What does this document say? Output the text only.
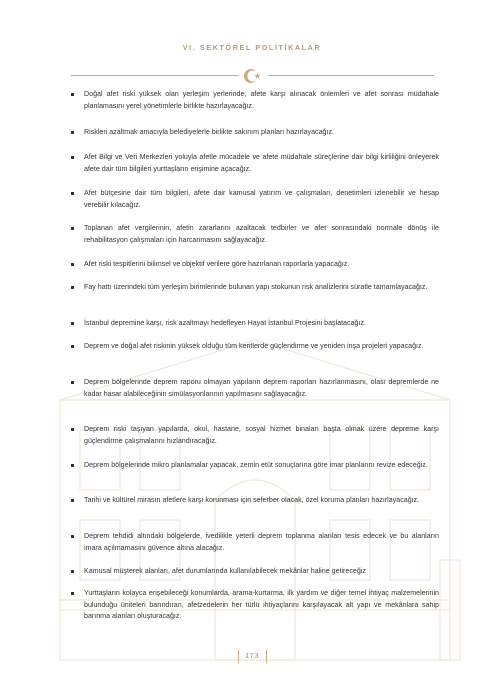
VI. SEKTÖREL POLİTİKALAR
Doğal afet riski yüksek olan yerleşim yerlerinde, afete karşı alınacak önlemleri ve afet sonrası müdahale planlamasını yerel yönetimlerle birlikte hazırlayacağız.
Riskleri azaltmak amacıyla belediyelerle birlikte sakınım planları hazırlayacağız.
Afet Bilgi ve Veri Merkezleri yoluyla afetle mücadele ve afete müdahale süreçlerine dair bilgi kirliliğini önleyerek afete dair tüm bilgileri yurttaşların erişimine açacağız.
Afet bütçesine dair tüm bilgileri, afete dair kamusal yatırım ve çalışmaları, denetimleri izlenebilir ve hesap verebilir kılacağız.
Toplanan afet vergilerinin, afetin zararlarını azaltacak tedbirler ve afet sonrasındaki normale dönüş ile rehabilitasyon çalışmaları için harcanmasını sağlayacağız.
Afet riski tespitlerini bilimsel ve objektif verilere göre hazırlanan raporlarla yapacağız.
Fay hattı üzerindeki tüm yerleşim birimlerinde bulunan yapı stokunun risk analizlerini süratle tamamlayacağız.
İstanbul depremine karşı, risk azaltmayı hedefleyen Hayat İstanbul Projesini başlatacağız.
Deprem ve doğal afet riskinin yüksek olduğu tüm kentlerde güçlendirme ve yeniden inşa projeleri yapacağız.
Deprem bölgelerinde deprem raporu olmayan yapıların deprem raporları hazırlanmasını, olası depremlerde ne kadar hasar alabileceğinin simülasyonlarının yapılmasını sağlayacağız.
Deprem riski taşıyan yapılarda, okul, hastane, sosyal hizmet binaları başta olmak üzere depreme karşı güçlendirme çalışmalarını hızlandıracağız.
Deprem bölgelerinde mikro planlamalar yapacak, zemin etüt sonuçlarına göre imar planlarını revize edeceğiz.
Tarihi ve kültürel mirasın afetlere karşı korunması için seferber olacak, özel koruma planları hazırlayacağız.
Deprem tehdidi altındaki bölgelerde, ivedilikle yeterli deprem toplanma alanları tesis edecek ve bu alanların imara açılmamasını güvence altına alacağız.
Kamusal müşterek alanları, afet durumlarında kullanılabilecek mekânlar haline getireceğiz
Yurttaşların kolayca erişebileceği konumlarda, arama-kurtarma, ilk yardım ve diğer temel ihtiyaç malzemelerinin bulunduğu üniteleri barındıran, afetzedelerin her türlü ihtiyaçlarını karşılayacak alt yapı ve mekânlara sahip barınma alanları oluşturacağız.
173
